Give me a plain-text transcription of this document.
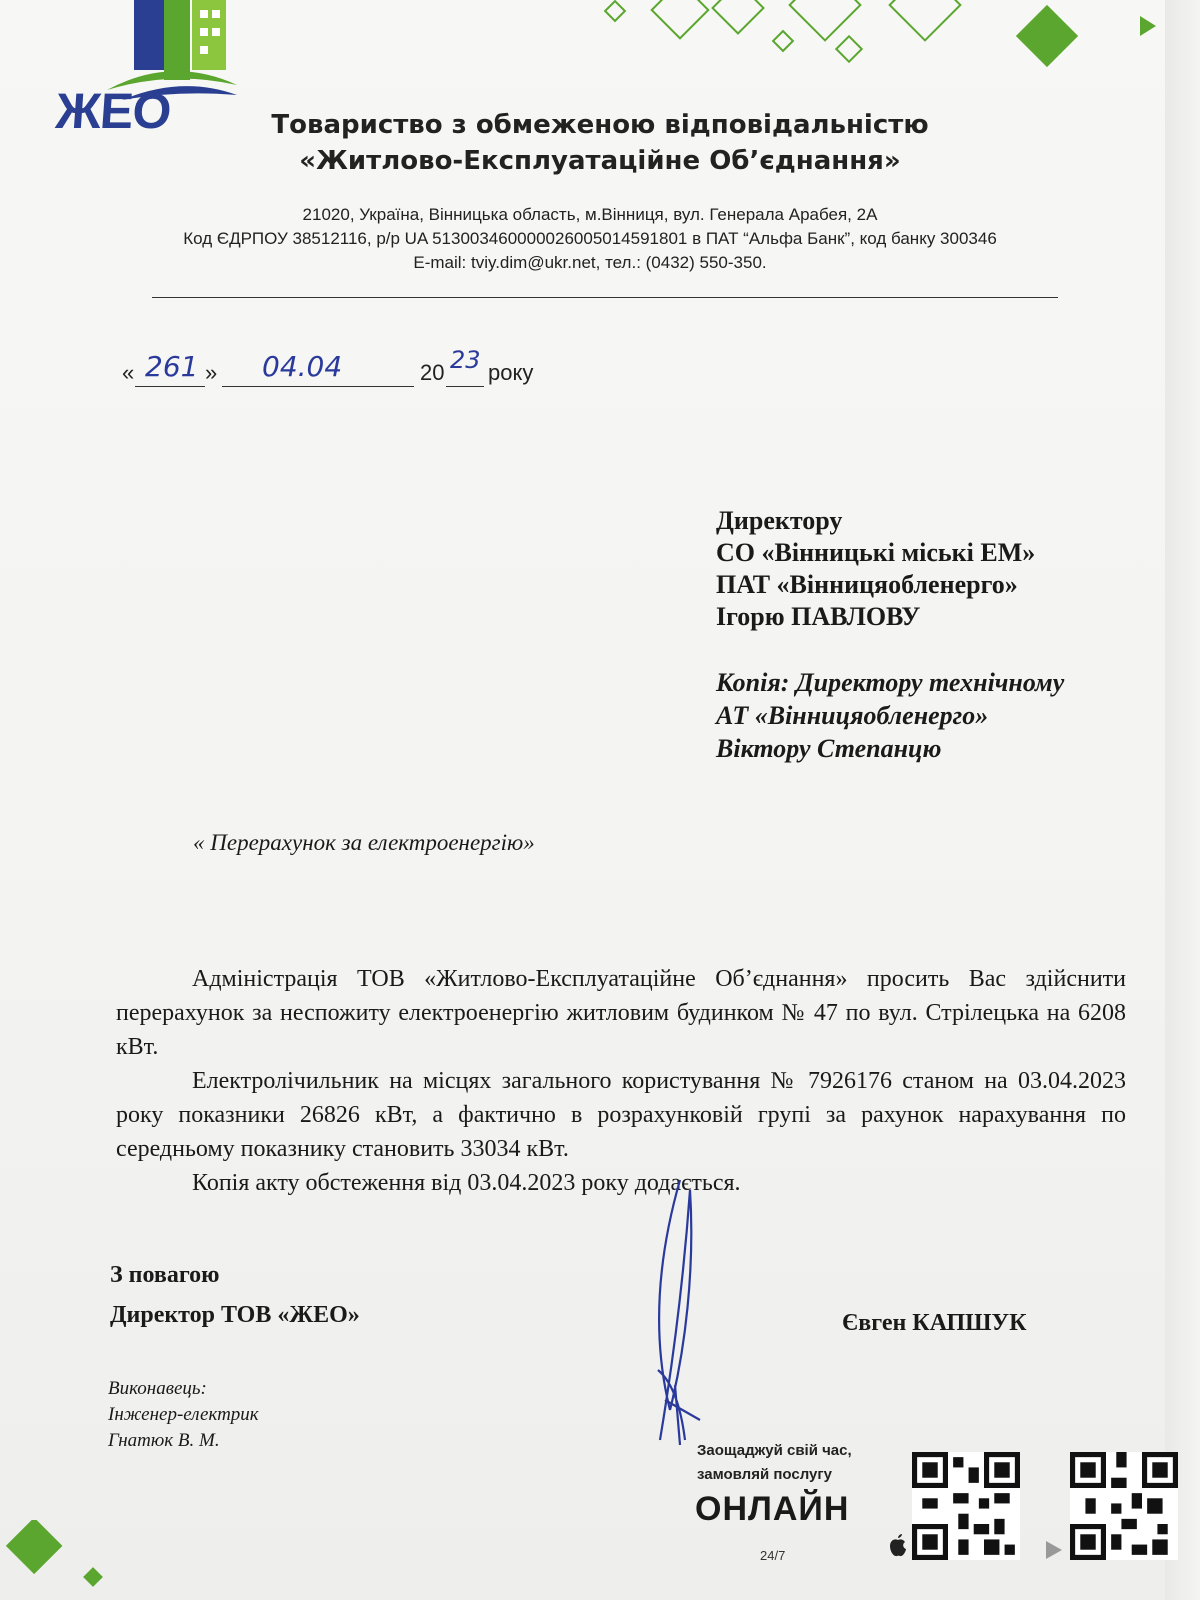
ЖЕО	Товариство з обмеженою відповідальністю
«Житлово-Експлуатаційне Об’єднання»
21020, Україна, Вінницька область, м.Вінниця, вул. Генерала Арабея, 2А
Код ЄДРПОУ 38512116, р/р UA 513003460000026005014591801 в ПАТ “Альфа Банк”, код банку 300346
E-mail: tviy.dim@ukr.net, тел.: (0432) 550-350.
« 261 » 04.04	20 23 року
Директору
СО «Вінницькі міські ЕМ»
ПАТ «Вінницяобленерго»
Ігорю ПАВЛОВУ
Копія: Директору технічному
АТ «Вінницяобленерго»
Віктору Степанцю
« Перерахунок за електроенергію»

Адміністрація ТОВ «Житлово-Експлуатаційне Об’єднання» просить Вас здійснити перерахунок за неспожиту електроенергію житловим будинком № 47 по вул. Стрілецька на 6208 кВт.

Електролічильник на місцях загального користування № 7926176 станом на 03.04.2023 року показники 26826 кВт, а фактично в розрахунковій групі за рахунок нарахування по середньому показнику становить 33034 кВт.

Копія акту обстеження від 03.04.2023 року додається.

З повагою
Директор ТОВ «ЖЕО»	Євген КАПШУК
Виконавець:
Інженер-електрик
Гнатюк В. М.	Заощаджуй свій час,
замовляй послугу
ОНЛАЙН
24/7
